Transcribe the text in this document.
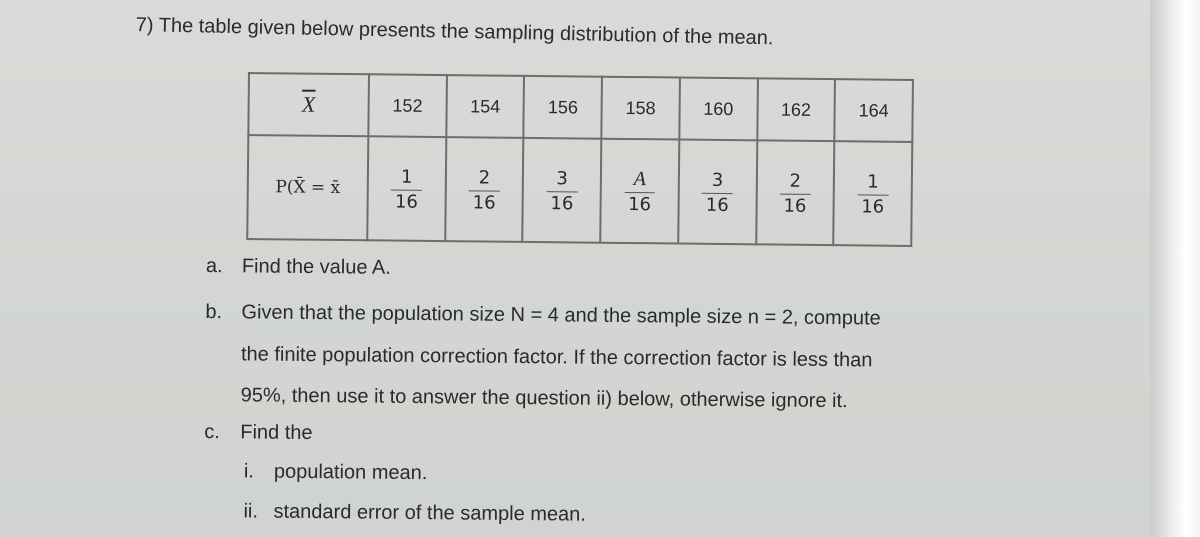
7) The table given below presents the sampling distribution of the mean.
$\overline{X}$	152	154	156	158	160	162	164
P(X̄ = x̄	$\frac{1}{16}$	$\frac{2}{16}$	$\frac{3}{16}$	$\frac{A}{16}$	$\frac{3}{16}$	$\frac{2}{16}$	$\frac{1}{16}$
a. Find the value A.
b. Given that the population size N = 4 and the sample size n = 2, compute
the finite population correction factor. If the correction factor is less than
95%, then use it to answer the question ii) below, otherwise ignore it.
c. Find the
i. population mean.
ii. standard error of the sample mean.
